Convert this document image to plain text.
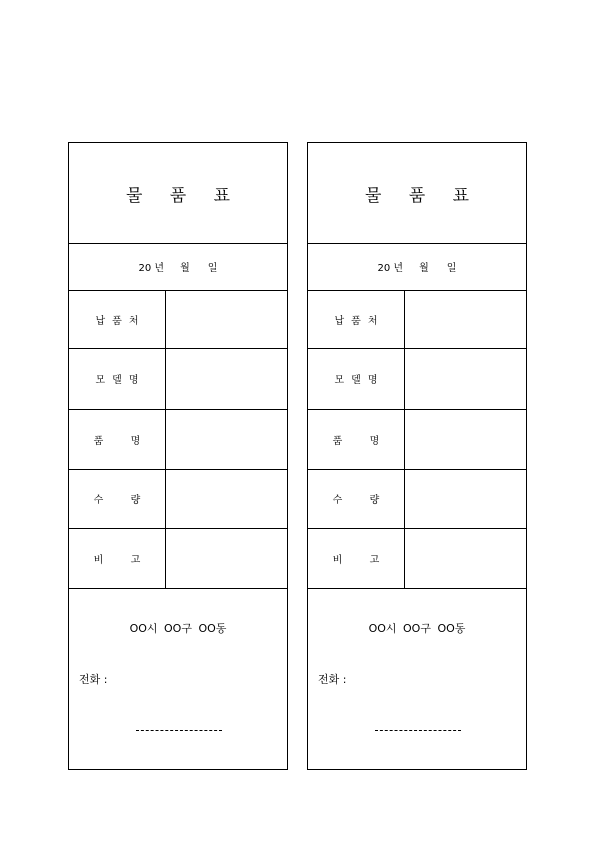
물 품 표
20 년 월 일
납품처
모델명
품  명
수  량
비  고
OO시 OO구 OO동
전화 :
물 품 표
20 년 월 일
납품처
모델명
품  명
수  량
비  고
OO시 OO구 OO동
전화 :
